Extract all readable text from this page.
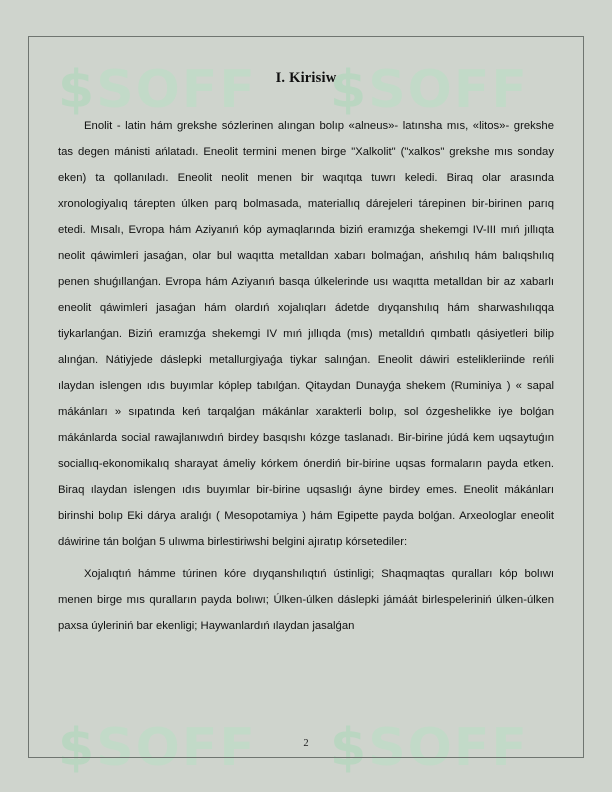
$SOFF $SOFF
$SOFF $SOFF
I. Kirisiw

Enolit - latin hám grekshe sózlerinen alıngan bolıp «alneus»- latınsha mıs, «litos»- grekshe tas degen mánisti ańlatadı. Eneolit termini menen birge "Xalkolit" ("xalkos" grekshe mıs sonday eken) ta qollanıladı. Eneolit neolit menen bir waqıtqa tuwrı keledi. Biraq olar arasında xronologiyalıq tárepten úlken parq bolmasada, materiallıq dárejeleri tárepinen bir-birinen parıq etedi. Mısalı, Evropa hám Aziyanıń kóp aymaqlarında biziń eramızǵa shekemgi IV-III mıń jıllıqta neolit qáwimleri jasaǵan, olar bul waqıtta metalldan xabarı bolmaǵan, ańshılıq hám balıqshılıq penen shuǵıllanǵan. Evropa hám Aziyanıń basqa úlkelerinde usı waqıtta metalldan bir az xabarlı eneolit qáwimleri jasaǵan hám olardıń xojalıqları ádetde dıyqanshılıq hám sharwashılıqqa tiykarlanǵan. Biziń eramızǵa shekemgi IV mıń jıllıqda (mıs) metalldıń qımbatlı qásiyetleri bilip alınǵan. Nátiyjede dáslepki metallurgiyaǵa tiykar salınǵan. Eneolit dáwiri estelikleriinde reńli ılaydan islengen ıdıs buyımlar kóplep tabılǵan. Qitaydan Dunayǵa shekem (Ruminiya ) « sapal mákánları » sıpatında keń tarqalǵan mákánlar xarakterli bolıp, sol ózgeshelikke iye bolǵan mákánlarda social rawajlanıwdıń birdey basqıshı kózge taslanadı. Bir-birine júdá kem uqsaytuǵın sociallıq-ekonomikalıq sharayat ámeliy kórkem ónerdiń bir-birine uqsas formaların payda etken. Biraq ılaydan islengen ıdıs buyımlar bir-birine uqsaslıǵı áyne birdey emes. Eneolit mákánları birinshi bolıp Eki dárya aralıǵı ( Mesopotamiya ) hám Egipette payda bolǵan. Arxeologlar eneolit dáwirine tán bolǵan 5 ulıwma birlestiriwshi belgini ajıratıp kórsetediler:

Xojalıqtıń hámme túrinen kóre dıyqanshılıqtıń ústinligi; Shaqmaqtas quralları kóp bolıwı menen birge mıs quralların payda bolıwı; Úlken-úlken dáslepki jámáát birlespeleriniń úlken-úlken paxsa úyleriniń bar ekenligi; Haywanlardıń ılaydan jasalǵan

2
